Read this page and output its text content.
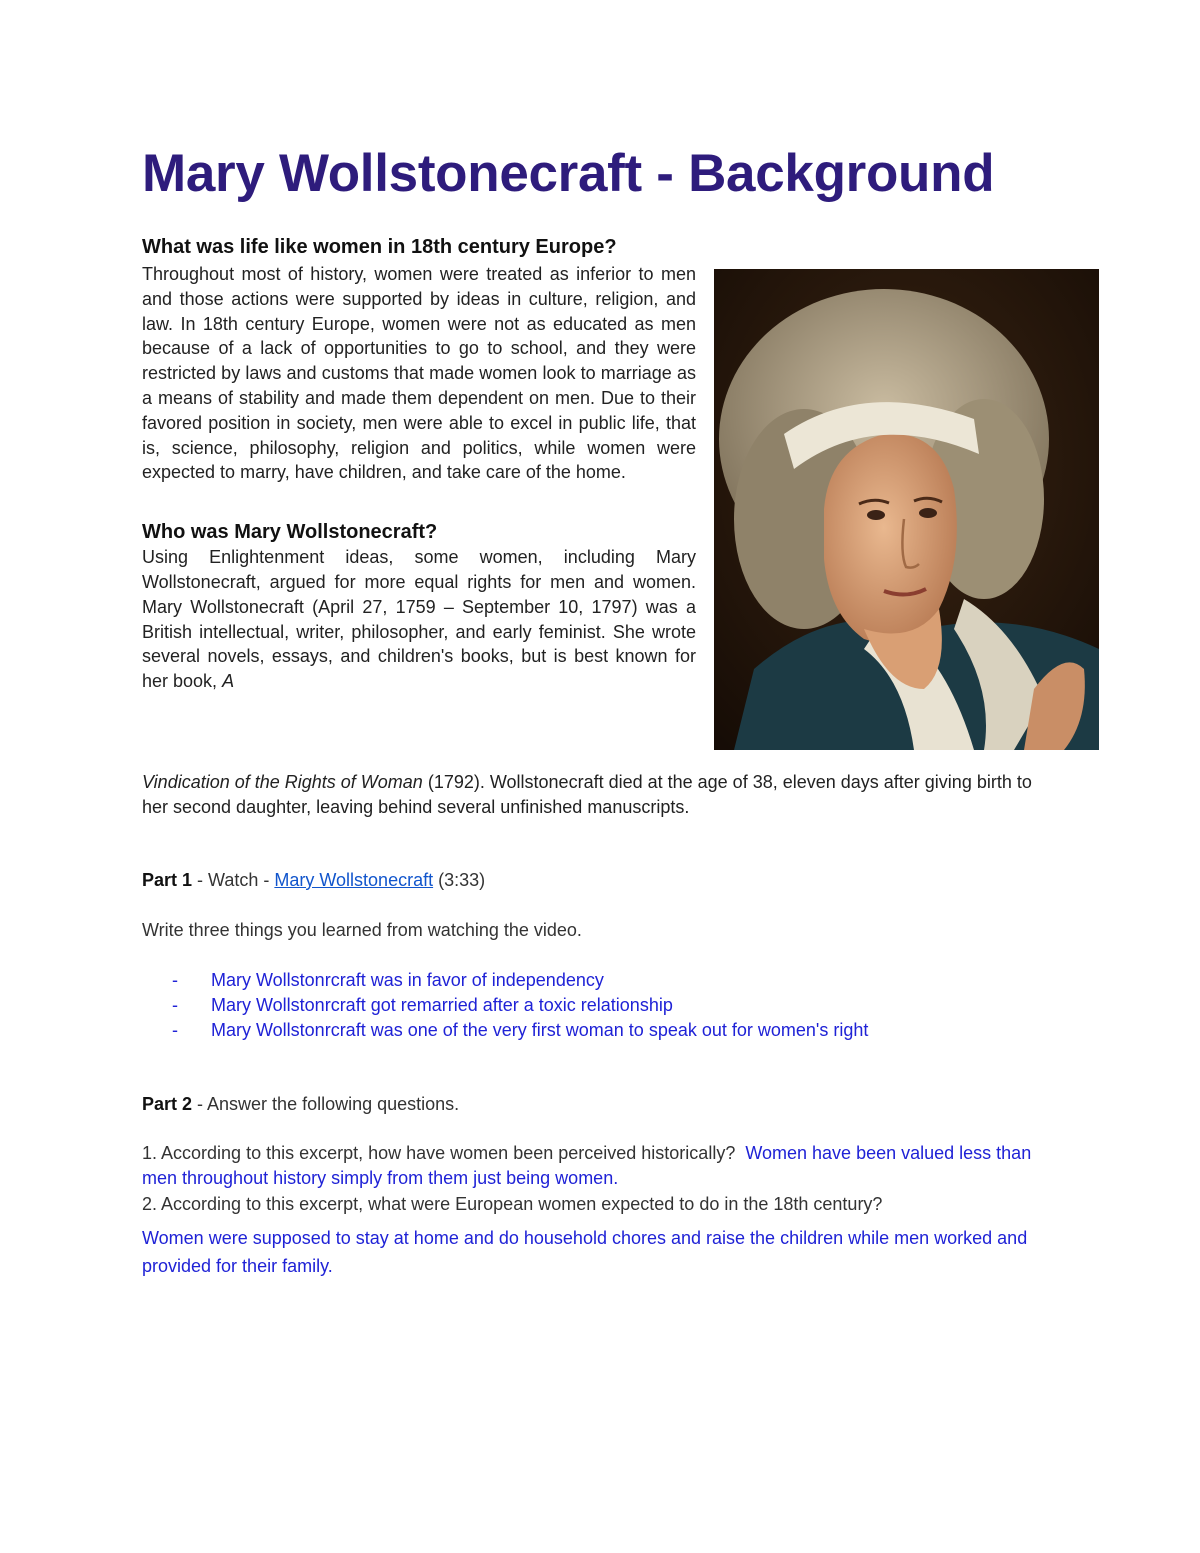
Mary Wollstonecraft - Background

What was life like women in 18th century Europe?

Throughout most of history, women were treated as inferior to men and those actions were supported by ideas in culture, religion, and law. In 18th century Europe, women were not as educated as men because of a lack of opportunities to go to school, and they were restricted by laws and customs that made women look to marriage as a means of stability and made them dependent on men. Due to their favored position in society, men were able to excel in public life, that is, science, philosophy, religion and politics, while women were expected to marry, have children, and take care of the home.

Who was Mary Wollstonecraft?

Using Enlightenment ideas, some women, including Mary Wollstonecraft, argued for more equal rights for men and women. Mary Wollstonecraft (April 27, 1759 – September 10, 1797) was a British intellectual, writer, philosopher, and early feminist. She wrote several novels, essays, and children's books, but is best known for her book, A

Vindication of the Rights of Woman (1792). Wollstonecraft died at the age of 38, eleven days after giving birth to her second daughter, leaving behind several unfinished manuscripts.

Part 1 - Watch - Mary Wollstonecraft (3:33)

Write three things you learned from watching the video.

- Mary Wollstonrcraft was in favor of independency
- Mary Wollstonrcraft got remarried after a toxic relationship
- Mary Wollstonrcraft was one of the very first woman to speak out for women's right

Part 2 - Answer the following questions.

1. According to this excerpt, how have women been perceived historically? Women have been valued less than men throughout history simply from them just being women.

2. According to this excerpt, what were European women expected to do in the 18th century?

Women were supposed to stay at home and do household chores and raise the children while men worked and provided for their family.
